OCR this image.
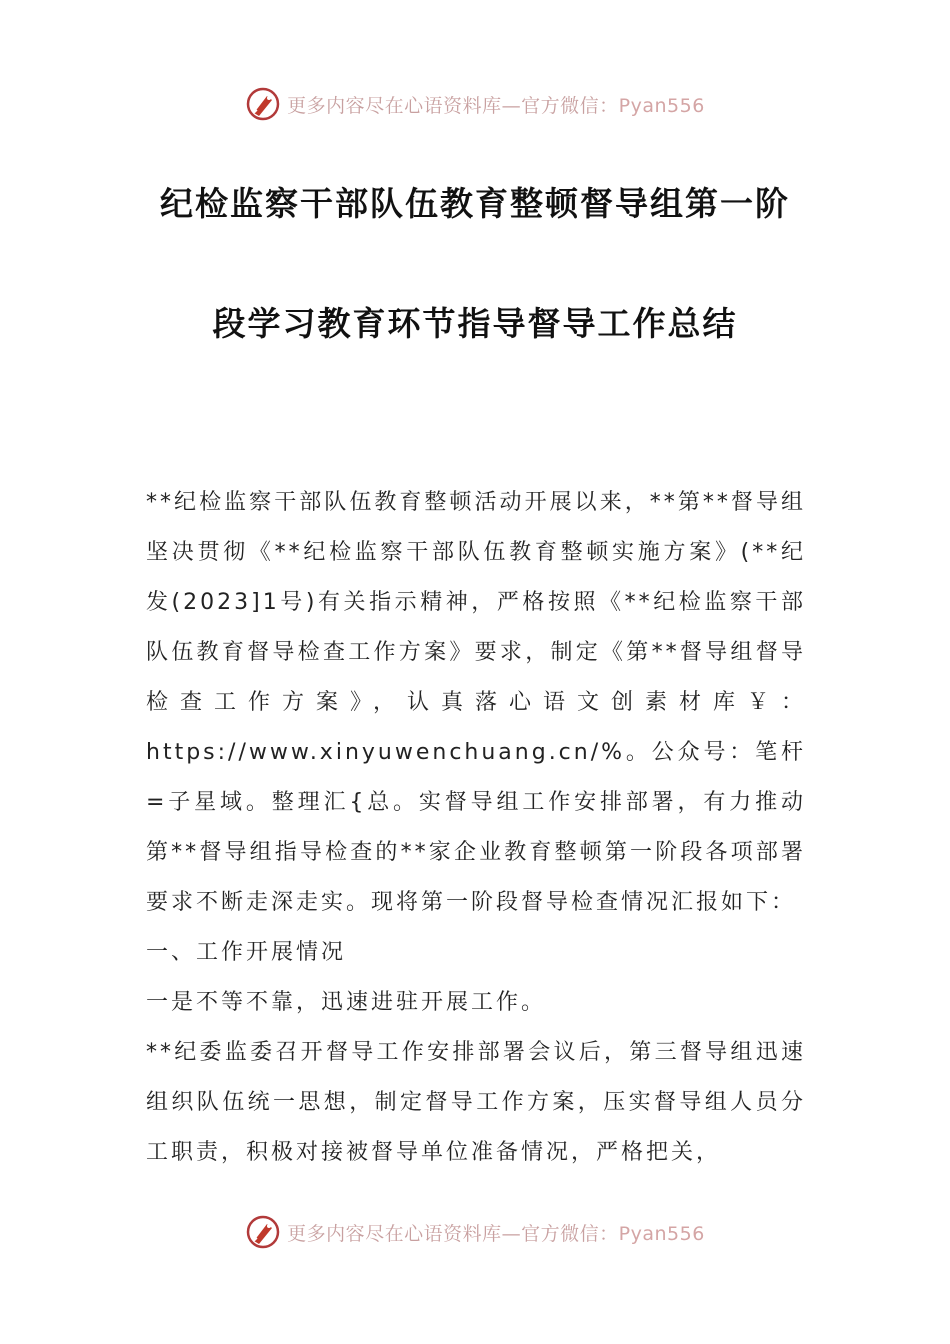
更多内容尽在心语资料库—官方微信：Pyan556
纪检监察干部队伍教育整顿督导组第一阶
段学习教育环节指导督导工作总结

**纪检监察干部队伍教育整顿活动开展以来，**第**督导组坚决贯彻《**纪检监察干部队伍教育整顿实施方案》(**纪发(2023]1号)有关指示精神，严格按照《**纪检监察干部队伍教育督导检查工作方案》要求，制定《第**督导组督导检查工作方案》，认真落心语文创素材库￥：https://www.xinyuwenchuang.cn/%。公众号：笔杆=子星域。整理汇{总。实督导组工作安排部署，有力推动第**督导组指导检查的**家企业教育整顿第一阶段各项部署要求不断走深走实。现将第一阶段督导检查情况汇报如下：

一、工作开展情况

一是不等不靠，迅速进驻开展工作。

**纪委监委召开督导工作安排部署会议后，第三督导组迅速组织队伍统一思想，制定督导工作方案，压实督导组人员分工职责，积极对接被督导单位准备情况，严格把关，

更多内容尽在心语资料库—官方微信：Pyan556
